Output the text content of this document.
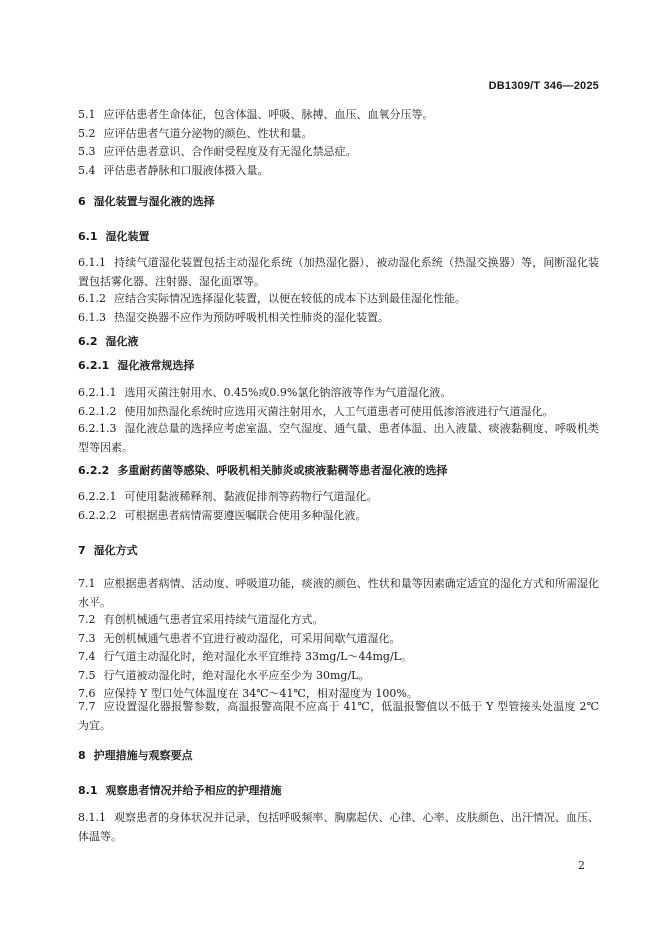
DB1309/T 346—2025
5.1 应评估患者生命体征，包含体温、呼吸、脉搏、血压、血氧分压等。
5.2 应评估患者气道分泌物的颜色、性状和量。
5.3 应评估患者意识、合作耐受程度及有无湿化禁忌症。
5.4 评估患者静脉和口服液体摄入量。
6 湿化装置与湿化液的选择
6.1 湿化装置
6.1.1 持续气道湿化装置包括主动湿化系统（加热湿化器）、被动湿化系统（热湿交换器）等，间断湿化装置包括雾化器、注射器、湿化面罩等。
6.1.2 应结合实际情况选择湿化装置，以便在较低的成本下达到最佳湿化性能。
6.1.3 热湿交换器不应作为预防呼吸机相关性肺炎的湿化装置。
6.2 湿化液
6.2.1 湿化液常规选择
6.2.1.1 选用灭菌注射用水、0.45%或0.9%氯化钠溶液等作为气道湿化液。
6.2.1.2 使用加热湿化系统时应选用灭菌注射用水，人工气道患者可使用低渗溶液进行气道湿化。
6.2.1.3 湿化液总量的选择应考虑室温、空气湿度、通气量、患者体温、出入液量、痰液黏稠度、呼吸机类型等因素。
6.2.2 多重耐药菌等感染、呼吸机相关肺炎或痰液黏稠等患者湿化液的选择
6.2.2.1 可使用黏液稀释剂、黏液促排剂等药物行气道湿化。
6.2.2.2 可根据患者病情需要遵医嘱联合使用多种湿化液。
7 湿化方式
7.1 应根据患者病情、活动度、呼吸道功能，痰液的颜色、性状和量等因素确定适宜的湿化方式和所需湿化水平。
7.2 有创机械通气患者宜采用持续气道湿化方式。
7.3 无创机械通气患者不宜进行被动湿化，可采用间歇气道湿化。
7.4 行气道主动湿化时，绝对湿化水平宜维持 33mg/L～44mg/L。
7.5 行气道被动湿化时，绝对湿化水平应至少为 30mg/L。
7.6 应保持 Y 型口处气体温度在 34℃～41℃，相对湿度为 100%。
7.7 应设置湿化器报警参数，高温报警高限不应高于 41℃，低温报警值以不低于 Y 型管接头处温度 2℃为宜。
8 护理措施与观察要点
8.1 观察患者情况并给予相应的护理措施
8.1.1 观察患者的身体状况并记录，包括呼吸频率、胸廓起伏、心律、心率、皮肤颜色、出汗情况、血压、体温等。
2
